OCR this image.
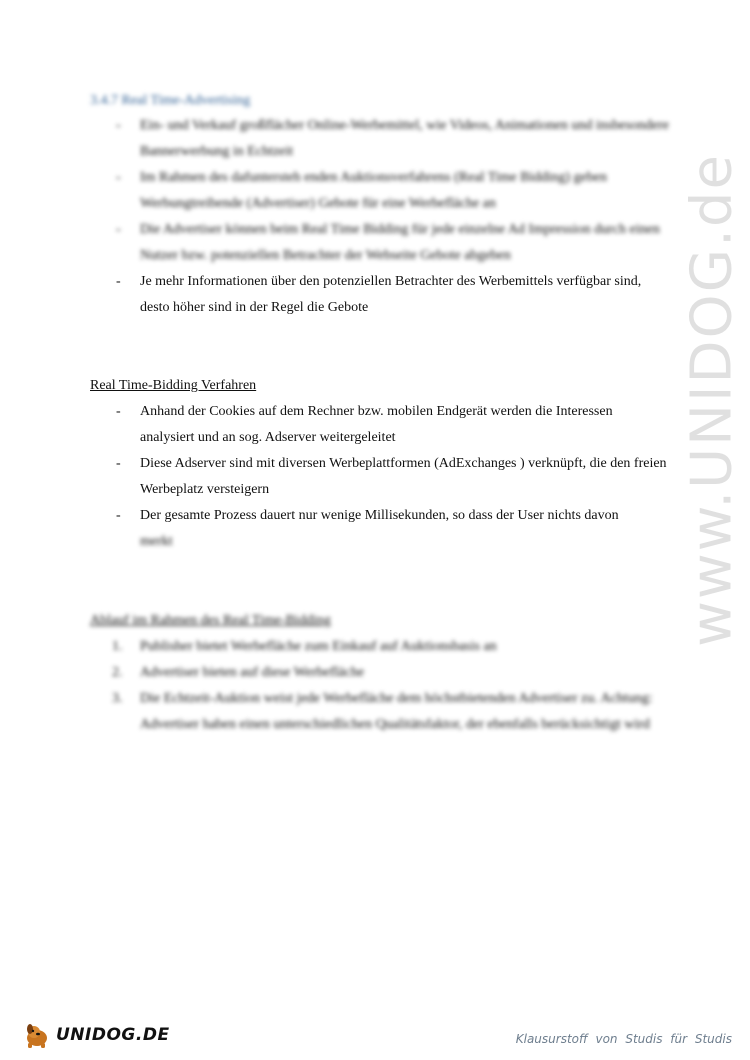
www.UNIDOG.de
3.4.7 Real Time-Advertising
- Ein- und Verkauf großflächer Online-Werbemittel, wie Videos, Animationen und insbesondere Bannerwerbung in Echtzeit
- Im Rahmen des dafuntersteh enden Auktionsverfahrens (Real Time Bidding) geben Werbungtreibende (Advertiser) Gebote für eine Werbefläche an
- Die Advertiser können beim Real Time Bidding für jede einzelne Ad Impression durch einen Nutzer bzw. potenziellen Betrachter der Webseite Gebote abgeben
- Je mehr Informationen über den potenziellen Betrachter des Werbemittels verfügbar sind, desto höher sind in der Regel die Gebote
Real Time-Bidding Verfahren
- Anhand der Cookies auf dem Rechner bzw. mobilen Endgerät werden die Interessen analysiert und an sog. Adserver weitergeleitet
- Diese Adserver sind mit diversen Werbeplattformen (AdExchanges ) verknüpft, die den freien Werbeplatz versteigern
- Der gesamte Prozess dauert nur wenige Millisekunden, so dass der User nichts davon
merkt
Ablauf im Rahmen des Real Time-Bidding
1. Publisher bietet Werbefläche zum Einkauf auf Auktionsbasis an
2. Advertiser bieten auf diese Werbefläche
3. Die Echtzeit-Auktion weist jede Werbefläche dem höchstbietenden Advertiser zu. Achtung: Advertiser haben einen unterschiedlichen Qualitätsfaktor, der ebenfalls berücksichtigt wird
UNIDOG.DE	Klausurstoff von Studis für Studis
